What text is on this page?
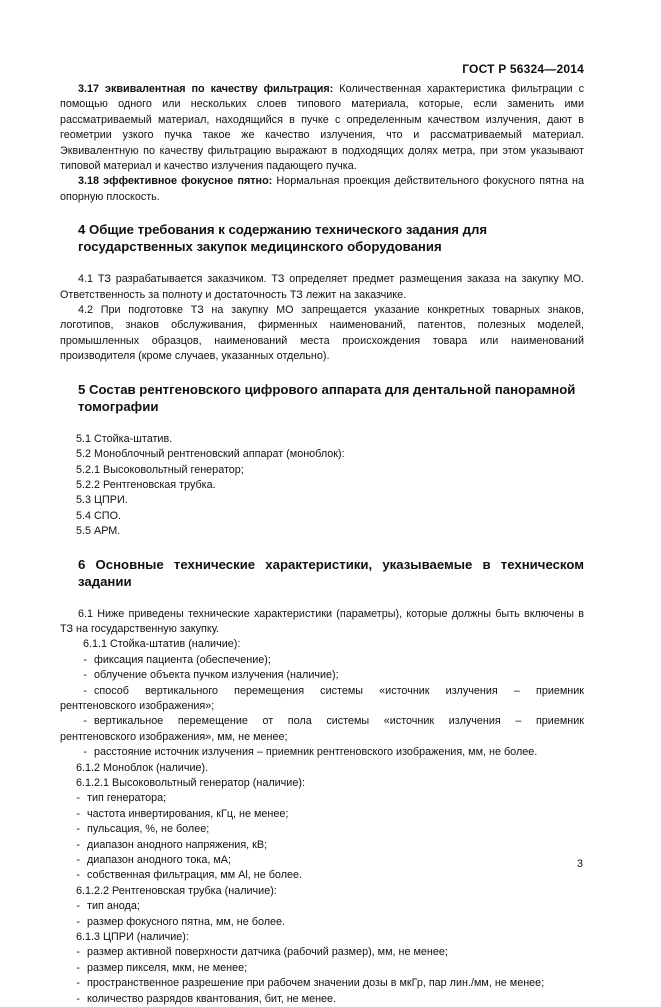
ГОСТ Р 56324—2014

3.17 эквивалентная по качеству фильтрация: Количественная характеристика фильтрации с помощью одного или нескольких слоев типового материала, которые, если заменить ими рассматриваемый материал, находящийся в пучке с определенным качеством излучения, дают в геометрии узкого пучка такое же качество излучения, что и рассматриваемый материал. Эквивалентную по качеству фильтрацию выражают в подходящих долях метра, при этом указывают типовой материал и качество излучения падающего пучка.

3.18 эффективное фокусное пятно: Нормальная проекция действительного фокусного пятна на опорную плоскость.

4 Общие требования к содержанию технического задания для государственных закупок медицинского оборудования

4.1 ТЗ разрабатывается заказчиком. ТЗ определяет предмет размещения заказа на закупку МО. Ответственность за полноту и достаточность ТЗ лежит на заказчике.

4.2 При подготовке ТЗ на закупку МО запрещается указание конкретных товарных знаков, логотипов, знаков обслуживания, фирменных наименований, патентов, полезных моделей, промышленных образцов, наименований места происхождения товара или наименований производителя (кроме случаев, указанных отдельно).

5 Состав рентгеновского цифрового аппарата для дентальной панорамной томографии

5.1 Стойка-штатив.

5.2 Моноблочный рентгеновский аппарат (моноблок):

5.2.1 Высоковольтный генератор;

5.2.2 Рентгеновская трубка.

5.3 ЦПРИ.

5.4 СПО.

5.5 АРМ.

6 Основные технические характеристики, указываемые в техническом задании

6.1 Ниже приведены технические характеристики (параметры), которые должны быть включены в ТЗ на государственную закупку.

6.1.1 Стойка-штатив (наличие):

- фиксация пациента (обеспечение);
- облучение объекта пучком излучения (наличие);
- способ вертикального перемещения системы «источник излучения – приемник
рентгеновского изображения»;
- вертикальное перемещение от пола системы «источник излучения – приемник
рентгеновского изображения», мм, не менее;
- расстояние источник излучения – приемник рентгеновского изображения, мм, не более.

6.1.2 Моноблок (наличие).

6.1.2.1 Высоковольтный генератор (наличие):

- тип генератора;
- частота инвертирования, кГц, не менее;
- пульсация, %, не более;
- диапазон анодного напряжения, кВ;
- диапазон анодного тока, мА;
- собственная фильтрация, мм Al, не более.

6.1.2.2 Рентгеновская трубка (наличие):

- тип анода;
- размер фокусного пятна, мм, не более.

6.1.3 ЦПРИ (наличие):

- размер активной поверхности датчика (рабочий размер), мм, не менее;
- размер пикселя, мкм, не менее;
- пространственное разрешение при рабочем значении дозы в мкГр, пар лин./мм, не менее;
- количество разрядов квантования, бит, не менее.
3
